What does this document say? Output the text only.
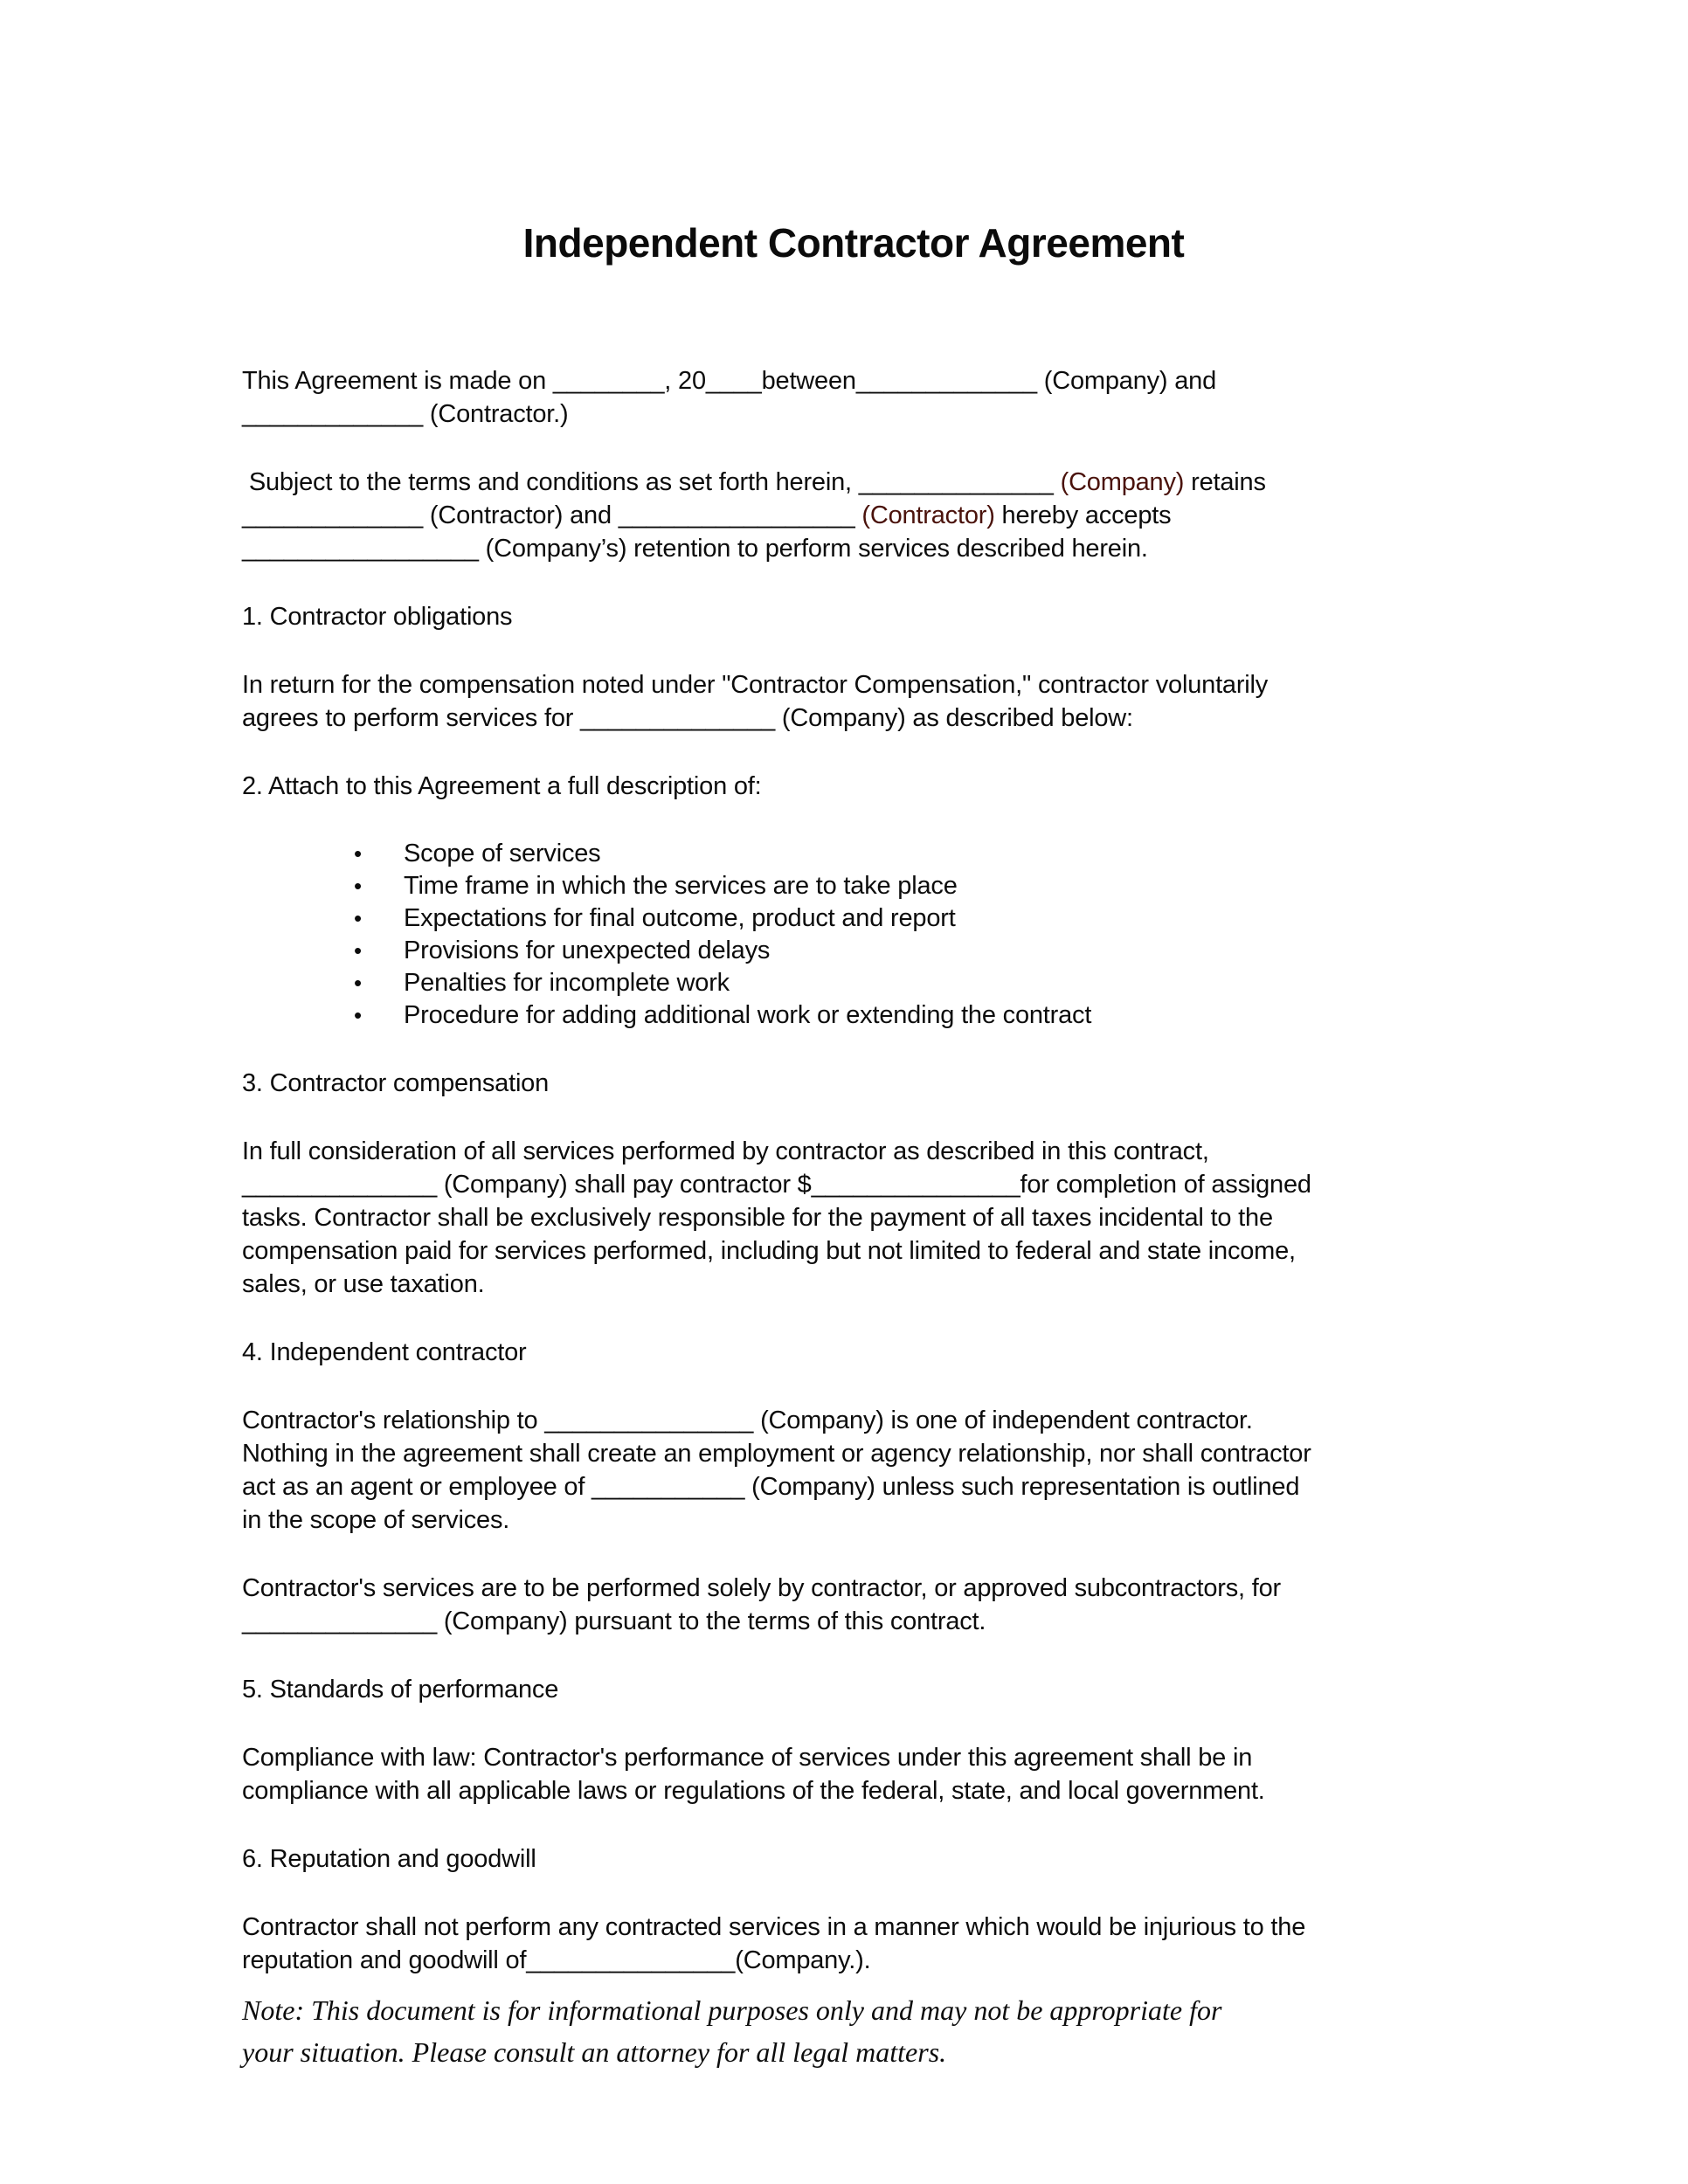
Independent Contractor Agreement
This Agreement is made on ________, 20____between_____________ (Company) and
_____________ (Contractor.)
Subject to the terms and conditions as set forth herein, ______________ (Company) retains
_____________ (Contractor) and _________________ (Contractor) hereby accepts
_________________ (Company’s) retention to perform services described herein.
1. Contractor obligations
In return for the compensation noted under "Contractor Compensation," contractor voluntarily
agrees to perform services for ______________ (Company) as described below:
2. Attach to this Agreement a full description of:
• Scope of services
• Time frame in which the services are to take place
• Expectations for final outcome, product and report
• Provisions for unexpected delays
• Penalties for incomplete work
• Procedure for adding additional work or extending the contract
3. Contractor compensation
In full consideration of all services performed by contractor as described in this contract,
______________ (Company) shall pay contractor $_______________for completion of assigned
tasks. Contractor shall be exclusively responsible for the payment of all taxes incidental to the
compensation paid for services performed, including but not limited to federal and state income,
sales, or use taxation.
4. Independent contractor
Contractor's relationship to _______________ (Company) is one of independent contractor.
Nothing in the agreement shall create an employment or agency relationship, nor shall contractor
act as an agent or employee of ___________ (Company) unless such representation is outlined
in the scope of services.
Contractor's services are to be performed solely by contractor, or approved subcontractors, for
______________ (Company) pursuant to the terms of this contract.
5. Standards of performance
Compliance with law: Contractor's performance of services under this agreement shall be in
compliance with all applicable laws or regulations of the federal, state, and local government.
6. Reputation and goodwill
Contractor shall not perform any contracted services in a manner which would be injurious to the
reputation and goodwill of_______________(Company.).
Note: This document is for informational purposes only and may not be appropriate for
your situation. Please consult an attorney for all legal matters.
